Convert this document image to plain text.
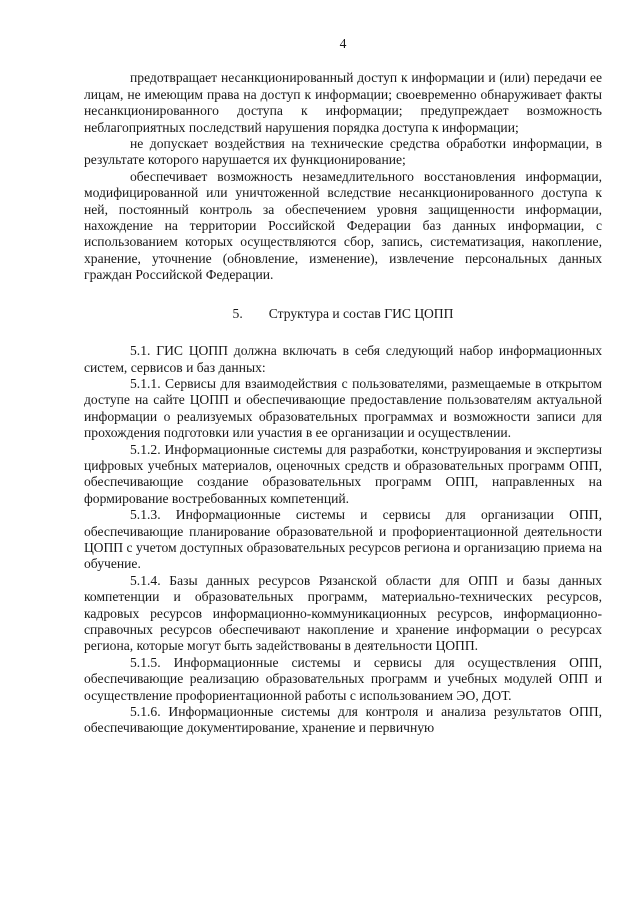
4

предотвращает несанкционированный доступ к информации и (или) передачи ее лицам, не имеющим права на доступ к информации; своевременно обнаруживает факты несанкционированного доступа к информации; предупреждает возможность неблагоприятных последствий нарушения порядка доступа к информации;

не допускает воздействия на технические средства обработки информации, в результате которого нарушается их функционирование;

обеспечивает возможность незамедлительного восстановления информации, модифицированной или уничтоженной вследствие несанкционированного доступа к ней, постоянный контроль за обеспечением уровня защищенности информации, нахождение на территории Российской Федерации баз данных информации, с использованием которых осуществляются сбор, запись, систематизация, накопление, хранение, уточнение (обновление, изменение), извлечение персональных данных граждан Российской Федерации.

5. Структура и состав ГИС ЦОПП

5.1. ГИС ЦОПП должна включать в себя следующий набор информационных систем, сервисов и баз данных:

5.1.1. Сервисы для взаимодействия с пользователями, размещаемые в открытом доступе на сайте ЦОПП и обеспечивающие предоставление пользователям актуальной информации о реализуемых образовательных программах и возможности записи для прохождения подготовки или участия в ее организации и осуществлении.

5.1.2. Информационные системы для разработки, конструирования и экспертизы цифровых учебных материалов, оценочных средств и образовательных программ ОПП, обеспечивающие создание образовательных программ ОПП, направленных на формирование востребованных компетенций.

5.1.3. Информационные системы и сервисы для организации ОПП, обеспечивающие планирование образовательной и профориентационной деятельности ЦОПП с учетом доступных образовательных ресурсов региона и организацию приема на обучение.

5.1.4. Базы данных ресурсов Рязанской области для ОПП и базы данных компетенции и образовательных программ, материально-технических ресурсов, кадровых ресурсов информационно-коммуникационных ресурсов, информационно-справочных ресурсов обеспечивают накопление и хранение информации о ресурсах региона, которые могут быть задействованы в деятельности ЦОПП.

5.1.5. Информационные системы и сервисы для осуществления ОПП, обеспечивающие реализацию образовательных программ и учебных модулей ОПП и осуществление профориентационной работы с использованием ЭО, ДОТ.

5.1.6. Информационные системы для контроля и анализа результатов ОПП, обеспечивающие документирование, хранение и первичную
